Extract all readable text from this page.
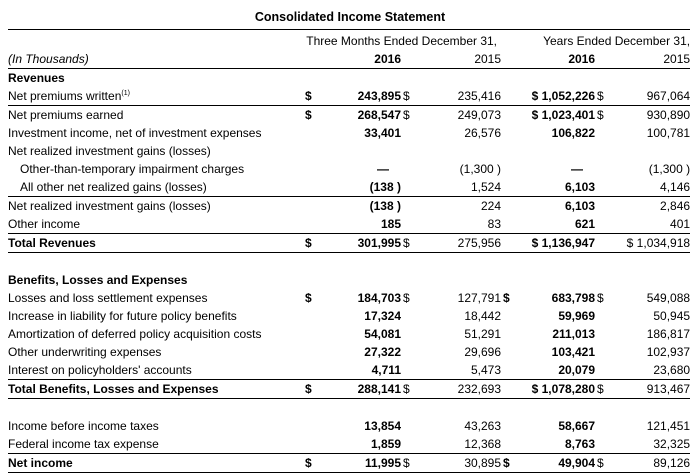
Consolidated Income Statement
	Three Months Ended December 31,				Years Ended December 31,			
(In Thousands)		2016		2015		2016		2015
Revenues								
Net premiums written$^{(1)}$	$	243,895	$	235,416		$ 1,052,226	$	967,064
Net premiums earned	$	268,547	$	249,073		$ 1,023,401	$	930,890
Investment income, net of investment expenses		33,401		26,576		106,822		100,781
Net realized investment gains (losses)								
Other-than-temporary impairment charges		—		(1,300 )		—		(1,300 )
All other net realized gains (losses)		(138 )		1,524		6,103		4,146
Net realized investment gains (losses)		(138 )		224		6,103		2,846
Other income		185		83		621		401
Total Revenues	$	301,995	$	275,956		$ 1,136,947	$ 1,034,918	

Benefits, Losses and Expenses								
Losses and loss settlement expenses	$	184,703	$	127,791	$	683,798	$	549,088
Increase in liability for future policy benefits		17,324		18,442		59,969		50,945
Amortization of deferred policy acquisition costs		54,081		51,291		211,013		186,817
Other underwriting expenses		27,322		29,696		103,421		102,937
Interest on policyholders' accounts		4,711		5,473		20,079		23,680
Total Benefits, Losses and Expenses	$	288,141	$	232,693		$ 1,078,280	$	913,467

Income before income taxes		13,854		43,263		58,667		121,451
Federal income tax expense		1,859		12,368		8,763		32,325
Net income	$	11,995	$	30,895	$	49,904	$	89,126
